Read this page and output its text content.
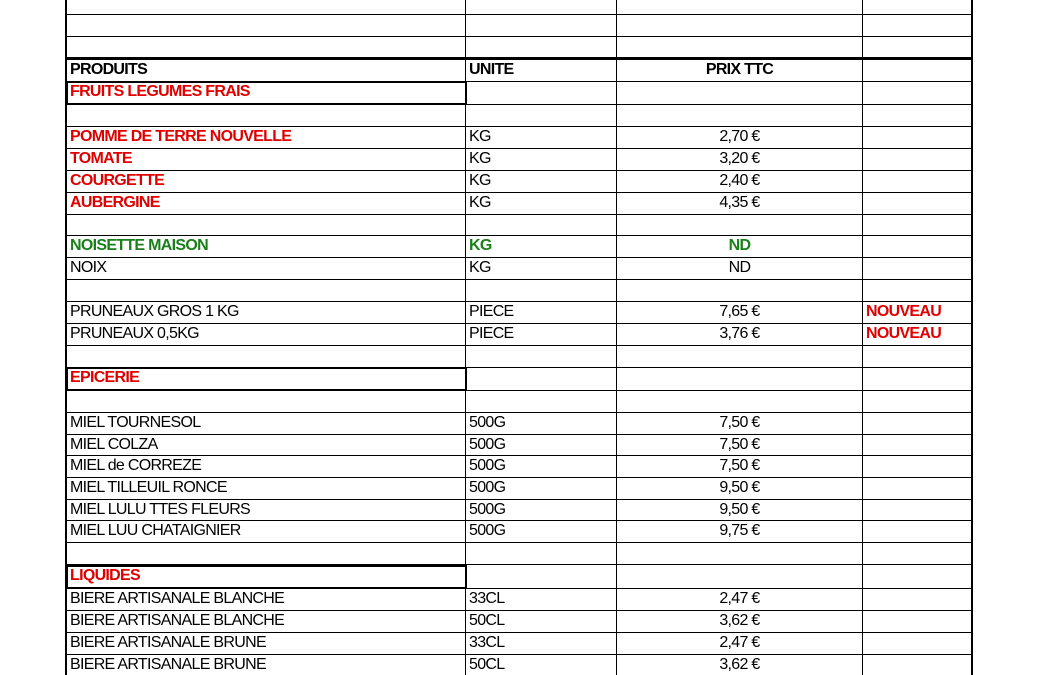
PRODUITS	UNITE	PRIX TTC
FRUITS LEGUMES FRAIS
POMME DE TERRE NOUVELLE	KG	2,70 €
TOMATE	KG	3,20 €
COURGETTE	KG	2,40 €
AUBERGINE	KG	4,35 €
NOISETTE MAISON	KG	ND
NOIX	KG	ND
PRUNEAUX GROS 1 KG	PIECE	7,65 €	NOUVEAU
PRUNEAUX 0,5KG	PIECE	3,76 €	NOUVEAU
EPICERIE
MIEL TOURNESOL	500G	7,50 €
MIEL COLZA	500G	7,50 €
MIEL de CORREZE	500G	7,50 €
MIEL TILLEUIL RONCE	500G	9,50 €
MIEL LULU TTES FLEURS	500G	9,50 €
MIEL LUU CHATAIGNIER	500G	9,75 €
LIQUIDES
BIERE ARTISANALE BLANCHE	33CL	2,47 €
BIERE ARTISANALE BLANCHE	50CL	3,62 €
BIERE ARTISANALE BRUNE	33CL	2,47 €
BIERE ARTISANALE BRUNE	50CL	3,62 €
